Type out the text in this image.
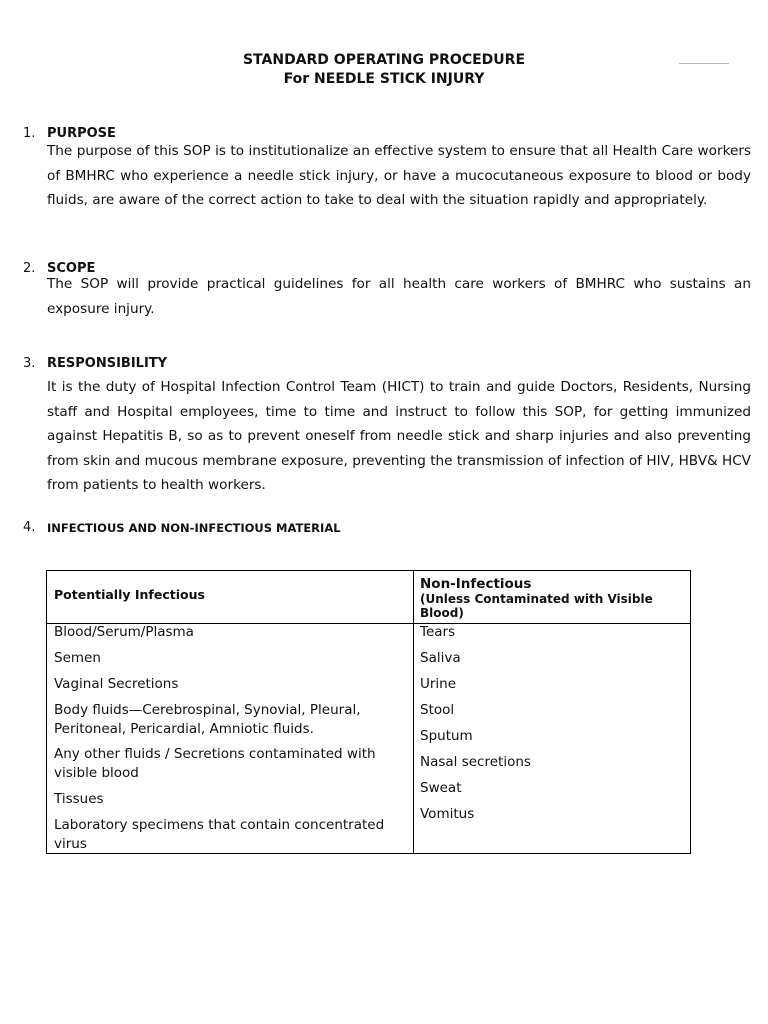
STANDARD OPERATING PROCEDURE
For NEEDLE STICK INJURY
1. PURPOSE
The purpose of this SOP is to institutionalize an effective system to ensure that all Health Care workers of BMHRC who experience a needle stick injury, or have a mucocutaneous exposure to blood or body fluids, are aware of the correct action to take to deal with the situation rapidly and appropriately.
2. SCOPE
The SOP will provide practical guidelines for all health care workers of BMHRC who sustains an exposure injury.
3. RESPONSIBILITY
It is the duty of Hospital Infection Control Team (HICT) to train and guide Doctors, Residents, Nursing staff and Hospital employees, time to time and instruct to follow this SOP, for getting immunized against Hepatitis B, so as to prevent oneself from needle stick and sharp injuries and also preventing from skin and mucous membrane exposure, preventing the transmission of infection of HIV, HBV& HCV from patients to health workers.
4. INFECTIOUS AND NON-INFECTIOUS MATERIAL
Potentially Infectious
Non-Infectious
(Unless Contaminated with Visible Blood)
Blood/Serum/Plasma
Semen
Vaginal Secretions
Body fluids—Cerebrospinal, Synovial, Pleural, Peritoneal, Pericardial, Amniotic fluids.
Any other fluids / Secretions contaminated with visible blood
Tissues
Laboratory specimens that contain concentrated virus
Tears
Saliva
Urine
Stool
Sputum
Nasal secretions
Sweat
Vomitus
